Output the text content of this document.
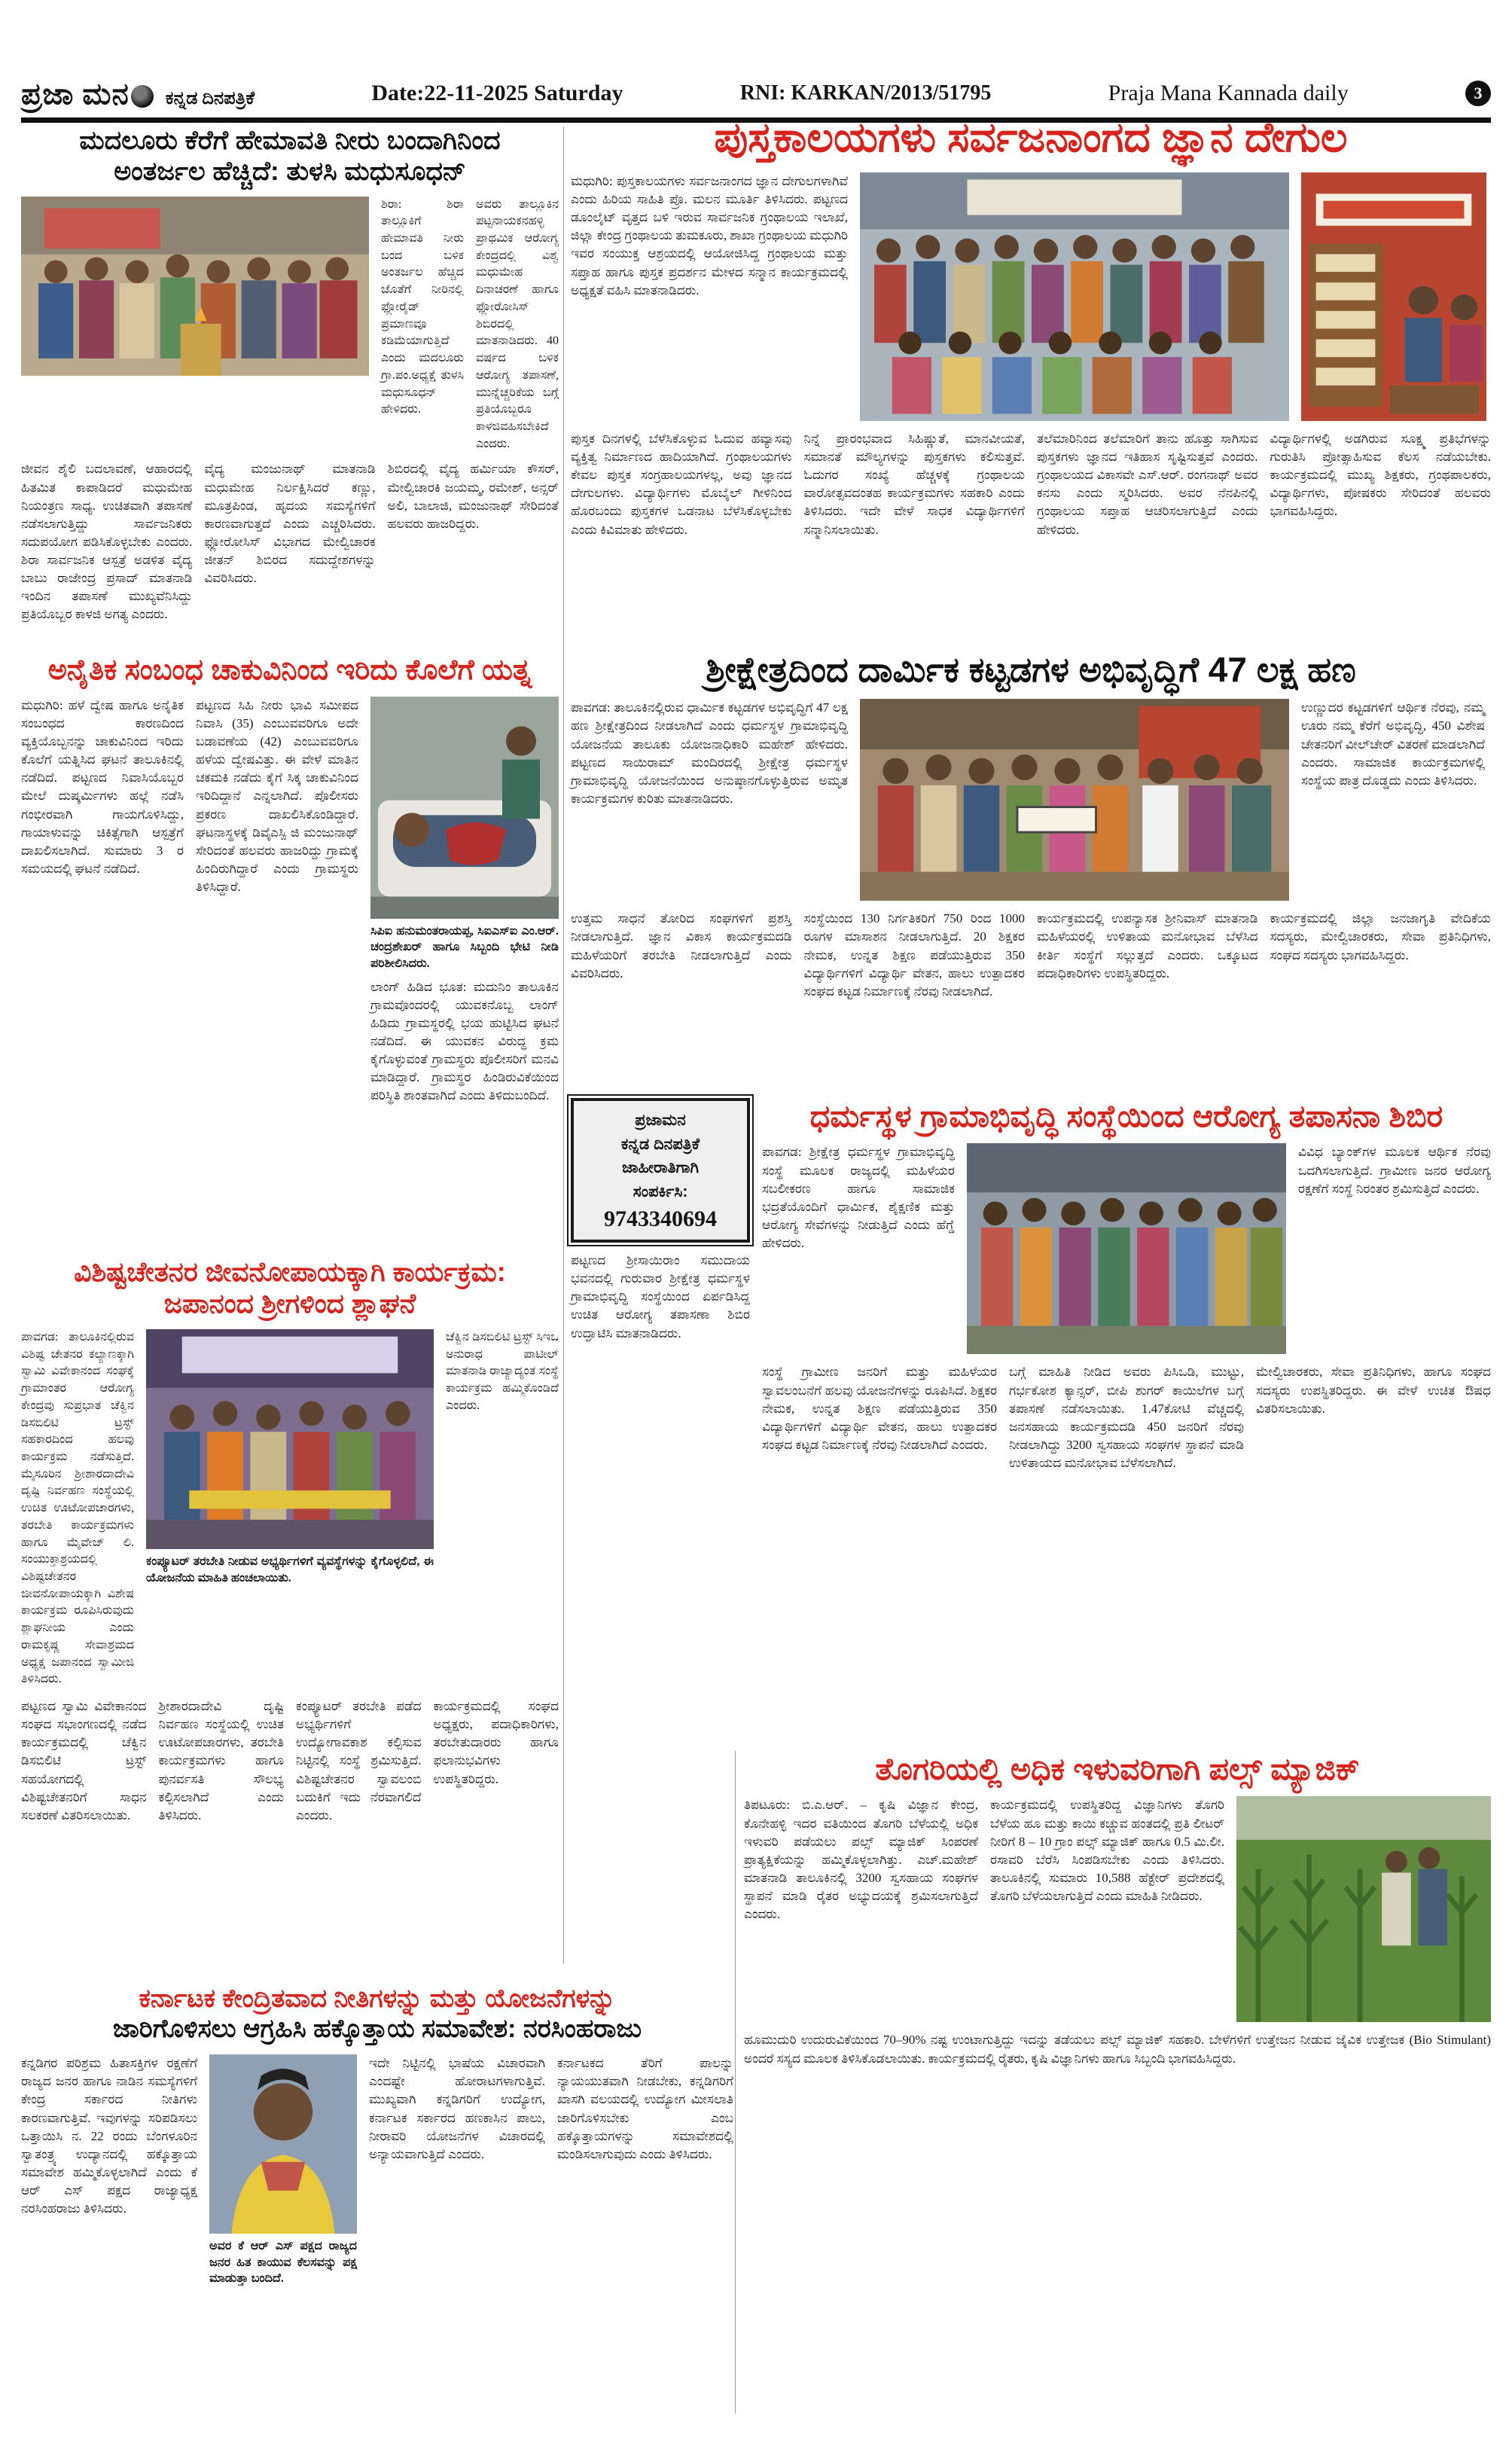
ಪ್ರಜಾ ಮನ	ಕನ್ನಡ ದಿನಪತ್ರಿಕೆ	Date:22-11-2025 Saturday	RNI: KARKAN/2013/51795	Praja Mana Kannada daily	3
ಮದಲೂರು ಕೆರೆಗೆ ಹೇಮಾವತಿ ನೀರು ಬಂದಾಗಿನಿಂದ
ಅಂತರ್ಜಲ ಹೆಚ್ಚಿದೆ: ತುಳಸಿ ಮಧುಸೂಧನ್
ಶಿರಾ: ಶಿರಾ ತಾಲ್ಲೂಕಿಗೆ ಹೇಮಾವತಿ ನೀರು ಬಂದ ಬಳಿಕ ಅಂತರ್ಜಲ ಹೆಚ್ಚಿದ ಜೊತೆಗೆ ನೀರಿನಲ್ಲಿ ಫ್ಲೋರೈಡ್ ಪ್ರಮಾಣವೂ ಕಡಿಮೆಯಾಗುತ್ತಿದೆ ಎಂದು ಮದಲೂರು ಗ್ರಾ.ಪಂ.ಅಧ್ಯಕ್ಷೆ ತುಳಸಿ ಮಧುಸೂಧನ್ ಹೇಳಿದರು.
ಅವರು ತಾಲ್ಲೂಕಿನ ಪಟ್ಟನಾಯಕನಹಳ್ಳಿ ಪ್ರಾಥಮಿಕ ಆರೋಗ್ಯ ಕೇಂದ್ರದಲ್ಲಿ ವಿಶ್ವ ಮಧುಮೇಹ ದಿನಾಚರಣೆ ಹಾಗೂ ಫ್ಲೋರೋಸಿಸ್ ಶಿಬಿರದಲ್ಲಿ ಮಾತನಾಡಿದರು. 40 ವರ್ಷದ ಬಳಿಕ ಆರೋಗ್ಯ ತಪಾಸಣೆ, ಮುನ್ನೆಚ್ಚರಿಕೆಯ ಬಗ್ಗೆ ಪ್ರತಿಯೊಬ್ಬರೂ ಕಾಳಜಿವಹಿಸಬೇಕಿದೆ ಎಂದರು.
ಜೀವನ ಶೈಲಿ ಬದಲಾವಣೆ, ಆಹಾರದಲ್ಲಿ ಹಿತಮಿತ ಕಾಪಾಡಿದರೆ ಮಧುಮೇಹ ನಿಯಂತ್ರಣ ಸಾಧ್ಯ. ಉಚಿತವಾಗಿ ತಪಾಸಣೆ ನಡೆಸಲಾಗುತ್ತಿದ್ದು ಸಾರ್ವಜನಿಕರು ಸದುಪಯೋಗ ಪಡಿಸಿಕೊಳ್ಳಬೇಕು ಎಂದರು. ಶಿರಾ ಸಾರ್ವಜನಿಕ ಆಸ್ಪತ್ರೆ ಅಡಳಿತ ವೈದ್ಯ ಬಾಬು ರಾಜೇಂದ್ರ ಪ್ರಸಾದ್ ಮಾತನಾಡಿ ಇಂದಿನ ತಪಾಸಣೆ ಮುಖ್ಯವೆನಿಸಿದ್ದು ಪ್ರತಿಯೊಬ್ಬರ ಕಾಳಜಿ ಅಗತ್ಯ ಎಂದರು.
ವೈದ್ಯ ಮಂಜುನಾಥ್ ಮಾತನಾಡಿ ಮಧುಮೇಹ ನಿರ್ಲಕ್ಷಿಸಿದರೆ ಕಣ್ಣು, ಮೂತ್ರಪಿಂಡ, ಹೃದಯ ಸಮಸ್ಯೆಗಳಿಗೆ ಕಾರಣವಾಗುತ್ತದೆ ಎಂದು ಎಚ್ಚರಿಸಿದರು. ಫ್ಲೋರೋಸಿಸ್ ವಿಭಾಗದ ಮೇಲ್ವಿಚಾರಕ ಜೀತನ್ ಶಿಬಿರದ ಸದುದ್ದೇಶಗಳನ್ನು ವಿವರಿಸಿದರು.
ಶಿಬಿರದಲ್ಲಿ ವೈದ್ಯ ಹರ್ಮಿಯಾ ಕೌಸರ್, ಮೇಲ್ವಿಚಾರಕಿ ಜಯಮ್ಮ, ರಮೇಶ್, ಅನ್ಸರ್ ಅಲಿ, ಬಾಲಾಜಿ, ಮಂಜುನಾಥ್ ಸೇರಿದಂತೆ ಹಲವರು ಹಾಜರಿದ್ದರು.
ಪುಸ್ತಕಾಲಯಗಳು ಸರ್ವಜನಾಂಗದ ಜ್ಞಾನ ದೇಗುಲ
ಮಧುಗಿರಿ: ಪುಸ್ತಕಾಲಯಗಳು ಸರ್ವಜನಾಂಗದ ಜ್ಞಾನ ದೇಗುಲಗಳಾಗಿವೆ ಎಂದು ಹಿರಿಯ ಸಾಹಿತಿ ಪ್ರೊ. ಮಲನ ಮೂರ್ತಿ ತಿಳಿಸಿದರು. ಪಟ್ಟಣದ ಡೂಂಲೈಟ್ ವೃತ್ತದ ಬಳಿ ಇರುವ ಸಾರ್ವಜನಿಕ ಗ್ರಂಥಾಲಯ ಇಲಾಖೆ, ಜಿಲ್ಲಾ ಕೇಂದ್ರ ಗ್ರಂಥಾಲಯ ತುಮಕೂರು, ಶಾಖಾ ಗ್ರಂಥಾಲಯ ಮಧುಗಿರಿ ಇವರ ಸಂಯುಕ್ತ ಆಶ್ರಯದಲ್ಲಿ ಆಯೋಜಿಸಿದ್ದ ಗ್ರಂಥಾಲಯ ಮತ್ತು ಸಪ್ತಾಹ ಹಾಗೂ ಪುಸ್ತಕ ಪ್ರದರ್ಶನ ಮೇಳದ ಸನ್ಮಾನ ಕಾರ್ಯಕ್ರಮದಲ್ಲಿ ಅಧ್ಯಕ್ಷತೆ ವಹಿಸಿ ಮಾತನಾಡಿದರು.
ಪುಸ್ತಕ ದಿನಗಳಲ್ಲಿ ಬೆಳೆಸಿಕೊಳ್ಳುವ ಓದುವ ಹವ್ಯಾಸವು ವ್ಯಕ್ತಿತ್ವ ನಿರ್ಮಾಣದ ಹಾದಿಯಾಗಿದೆ. ಗ್ರಂಥಾಲಯಗಳು ಕೇವಲ ಪುಸ್ತಕ ಸಂಗ್ರಹಾಲಯಗಳಲ್ಲ, ಅವು ಜ್ಞಾನದ ದೇಗುಲಗಳು. ವಿದ್ಯಾರ್ಥಿಗಳು ಮೊಬೈಲ್ ಗೀಳಿನಿಂದ ಹೊರಬಂದು ಪುಸ್ತಕಗಳ ಒಡನಾಟ ಬೆಳೆಸಿಕೊಳ್ಳಬೇಕು ಎಂದು ಕಿವಿಮಾತು ಹೇಳಿದರು.
ನಿನ್ನೆ ಪ್ರಾರಂಭವಾದ ಸಿಹಿಷ್ಣುತೆ, ಮಾನವೀಯತೆ, ಸಮಾನತೆ ಮೌಲ್ಯಗಳನ್ನು ಪುಸ್ತಕಗಳು ಕಲಿಸುತ್ತವೆ. ಓದುಗರ ಸಂಖ್ಯೆ ಹೆಚ್ಚಳಕ್ಕೆ ಗ್ರಂಥಾಲಯ ವಾರೋತ್ಸವದಂತಹ ಕಾರ್ಯಕ್ರಮಗಳು ಸಹಕಾರಿ ಎಂದು ತಿಳಿಸಿದರು. ಇದೇ ವೇಳೆ ಸಾಧಕ ವಿದ್ಯಾರ್ಥಿಗಳಿಗೆ ಸನ್ಮಾನಿಸಲಾಯಿತು.
ತಲೆಮಾರಿನಿಂದ ತಲೆಮಾರಿಗೆ ತಾನು ಹೊತ್ತು ಸಾಗಿಸುವ ಪುಸ್ತಕಗಳು ಜ್ಞಾನದ ಇತಿಹಾಸ ಸೃಷ್ಟಿಸುತ್ತವೆ ಎಂದರು. ಗ್ರಂಥಾಲಯದ ವಿಕಾಸವೇ ಎಸ್.ಆರ್. ರಂಗನಾಥ್ ಅವರ ಕನಸು ಎಂದು ಸ್ಮರಿಸಿದರು. ಅವರ ನೆನಪಿನಲ್ಲಿ ಗ್ರಂಥಾಲಯ ಸಪ್ತಾಹ ಆಚರಿಸಲಾಗುತ್ತಿದೆ ಎಂದು ಹೇಳಿದರು.
ವಿದ್ಯಾರ್ಥಿಗಳಲ್ಲಿ ಅಡಗಿರುವ ಸೂಕ್ಷ್ಮ ಪ್ರತಿಭೆಗಳನ್ನು ಗುರುತಿಸಿ ಪ್ರೋತ್ಸಾಹಿಸುವ ಕೆಲಸ ನಡೆಯಬೇಕು. ಕಾರ್ಯಕ್ರಮದಲ್ಲಿ ಮುಖ್ಯ ಶಿಕ್ಷಕರು, ಗ್ರಂಥಪಾಲಕರು, ವಿದ್ಯಾರ್ಥಿಗಳು, ಪೋಷಕರು ಸೇರಿದಂತೆ ಹಲವರು ಭಾಗವಹಿಸಿದ್ದರು.
ಅನೈತಿಕ ಸಂಬಂಧ ಚಾಕುವಿನಿಂದ ಇರಿದು ಕೊಲೆಗೆ ಯತ್ನ
ಮಧುಗಿರಿ: ಹಳೆ ದ್ವೇಷ ಹಾಗೂ ಅನೈತಿಕ ಸಂಬಂಧದ ಕಾರಣದಿಂದ ವ್ಯಕ್ತಿಯೊಬ್ಬನನ್ನು ಚಾಕುವಿನಿಂದ ಇರಿದು ಕೊಲೆಗೆ ಯತ್ನಿಸಿದ ಘಟನೆ ತಾಲೂಕಿನಲ್ಲಿ ನಡೆದಿದೆ. ಪಟ್ಟಣದ ನಿವಾಸಿಯೊಬ್ಬರ ಮೇಲೆ ದುಷ್ಕರ್ಮಿಗಳು ಹಲ್ಲೆ ನಡೆಸಿ ಗಂಭೀರವಾಗಿ ಗಾಯಗೊಳಿಸಿದ್ದು, ಗಾಯಾಳುವನ್ನು ಚಿಕಿತ್ಸೆಗಾಗಿ ಆಸ್ಪತ್ರೆಗೆ ದಾಖಲಿಸಲಾಗಿದೆ. ಸುಮಾರು 3 ರ ಸಮಯದಲ್ಲಿ ಘಟನೆ ನಡೆದಿದೆ.
ಪಟ್ಟಣದ ಸಿಹಿ ನೀರು ಭಾವಿ ಸಮೀಪದ ನಿವಾಸಿ (35) ಎಂಬುವವರಿಗೂ ಅದೇ ಬಡಾವಣೆಯ (42) ಎಂಬುವವರಿಗೂ ಹಳೆಯ ದ್ವೇಷವಿತ್ತು. ಈ ವೇಳೆ ಮಾತಿನ ಚಕಮಕಿ ನಡೆದು ಕೈಗೆ ಸಿಕ್ಕ ಚಾಕುವಿನಿಂದ ಇರಿದಿದ್ದಾನೆ ಎನ್ನಲಾಗಿದೆ. ಪೊಲೀಸರು ಪ್ರಕರಣ ದಾಖಲಿಸಿಕೊಂಡಿದ್ದಾರೆ. ಘಟನಾಸ್ಥಳಕ್ಕೆ ಡಿವೈಎಸ್ಪಿ ಜಿ ಮಂಜುನಾಥ್ ಸೇರಿದಂತೆ ಹಲವರು ಹಾಜರಿದ್ದು ಗ್ರಾಮಕ್ಕೆ ಹಿಂದಿರುಗಿದ್ದಾರೆ ಎಂದು ಗ್ರಾಮಸ್ಥರು ತಿಳಿಸಿದ್ದಾರೆ.
ಸಿಪಿಐ ಹನುಮಂತರಾಯಪ್ಪ, ಸಿಐಎಸ್ಐ ಎಂ.ಆರ್. ಚಂದ್ರಶೇಖರ್ ಹಾಗೂ ಸಿಬ್ಬಂದಿ ಭೇಟಿ ನೀಡಿ ಪರಿಶೀಲಿಸಿದರು.
ಲಾಂಗ್ ಹಿಡಿದ ಭೂತ: ಮದುನಿಂ ತಾಲೂಕಿನ ಗ್ರಾಮವೊಂದರಲ್ಲಿ ಯುವಕನೊಬ್ಬ ಲಾಂಗ್ ಹಿಡಿದು ಗ್ರಾಮಸ್ಥರಲ್ಲಿ ಭಯ ಹುಟ್ಟಿಸಿದ ಘಟನೆ ನಡೆದಿದೆ. ಈ ಯುವಕನ ವಿರುದ್ಧ ಕ್ರಮ ಕೈಗೊಳ್ಳುವಂತೆ ಗ್ರಾಮಸ್ಥರು ಪೊಲೀಸರಿಗೆ ಮನವಿ ಮಾಡಿದ್ದಾರೆ. ಗ್ರಾಮಸ್ಥರ ಹಿಂಡಿರುವಿಕೆಯಿಂದ ಪರಿಸ್ಥಿತಿ ಶಾಂತವಾಗಿದೆ ಎಂದು ತಿಳಿದುಬಂದಿದೆ.
ಶ್ರೀಕ್ಷೇತ್ರದಿಂದ ದಾರ್ಮಿಕ ಕಟ್ಟಡಗಳ ಅಭಿವೃದ್ಧಿಗೆ 47 ಲಕ್ಷ ಹಣ
ಪಾವಗಡ: ತಾಲೂಕಿನಲ್ಲಿರುವ ಧಾರ್ಮಿಕ ಕಟ್ಟಡಗಳ ಅಭಿವೃದ್ಧಿಗೆ 47 ಲಕ್ಷ ಹಣ ಶ್ರೀಕ್ಷೇತ್ರದಿಂದ ನೀಡಲಾಗಿದೆ ಎಂದು ಧರ್ಮಸ್ಥಳ ಗ್ರಾಮಾಭಿವೃದ್ಧಿ ಯೋಜನೆಯ ತಾಲೂಕು ಯೋಜನಾಧಿಕಾರಿ ಮಹೇಶ್ ಹೇಳಿದರು. ಪಟ್ಟಣದ ಸಾಯಿರಾಮ್ ಮಂದಿರದಲ್ಲಿ ಶ್ರೀಕ್ಷೇತ್ರ ಧರ್ಮಸ್ಥಳ ಗ್ರಾಮಾಭಿವೃದ್ಧಿ ಯೋಜನೆಯಿಂದ ಅನುಷ್ಠಾನಗೊಳ್ಳುತ್ತಿರುವ ಅಮೃತ ಕಾರ್ಯಕ್ರಮಗಳ ಕುರಿತು ಮಾತನಾಡಿದರು.
ಉಣ್ಣುದರ ಕಟ್ಟಡಗಳಿಗೆ ಆರ್ಥಿಕ ನೆರವು, ನಮ್ಮ ಊರು ನಮ್ಮ ಕೆರೆಗೆ ಅಭಿವೃದ್ಧಿ, 450 ವಿಶೇಷ ಚೇತನರಿಗೆ ವೀಲ್‌ಚೇರ್ ವಿತರಣೆ ಮಾಡಲಾಗಿದೆ ಎಂದರು. ಸಾಮಾಜಿಕ ಕಾರ್ಯಕ್ರಮಗಳಲ್ಲಿ ಸಂಸ್ಥೆಯ ಪಾತ್ರ ದೊಡ್ಡದು ಎಂದು ತಿಳಿಸಿದರು.
ಉತ್ತಮ ಸಾಧನೆ ತೋರಿದ ಸಂಘಗಳಿಗೆ ಪ್ರಶಸ್ತಿ ನೀಡಲಾಗುತ್ತಿದೆ. ಜ್ಞಾನ ವಿಕಾಸ ಕಾರ್ಯಕ್ರಮದಡಿ ಮಹಿಳೆಯರಿಗೆ ತರಬೇತಿ ನೀಡಲಾಗುತ್ತಿದೆ ಎಂದು ವಿವರಿಸಿದರು.
ಸಂಸ್ಥೆಯಿಂದ 130 ನಿರ್ಗತಿಕರಿಗೆ 750 ರಿಂದ 1000 ರೂಗಳ ಮಾಸಾಶನ ನೀಡಲಾಗುತ್ತಿದೆ. 20 ಶಿಕ್ಷಕರ ನೇಮಕ, ಉನ್ನತ ಶಿಕ್ಷಣ ಪಡೆಯುತ್ತಿರುವ 350 ವಿದ್ಯಾರ್ಥಿಗಳಿಗೆ ವಿದ್ಯಾರ್ಥಿ ವೇತನ, ಹಾಲು ಉತ್ಪಾದಕರ ಸಂಘದ ಕಟ್ಟಡ ನಿರ್ಮಾಣಕ್ಕೆ ನೆರವು ನೀಡಲಾಗಿದೆ.
ಕಾರ್ಯಕ್ರಮದಲ್ಲಿ ಉಪನ್ಯಾಸಕ ಶ್ರೀನಿವಾಸ್ ಮಾತನಾಡಿ ಮಹಿಳೆಯರಲ್ಲಿ ಉಳಿತಾಯ ಮನೋಭಾವ ಬೆಳೆಸಿದ ಕೀರ್ತಿ ಸಂಸ್ಥೆಗೆ ಸಲ್ಲುತ್ತದೆ ಎಂದರು. ಒಕ್ಕೂಟದ ಪದಾಧಿಕಾರಿಗಳು ಉಪಸ್ಥಿತರಿದ್ದರು.
ಕಾರ್ಯಕ್ರಮದಲ್ಲಿ ಜಿಲ್ಲಾ ಜನಜಾಗೃತಿ ವೇದಿಕೆಯ ಸದಸ್ಯರು, ಮೇಲ್ವಿಚಾರಕರು, ಸೇವಾ ಪ್ರತಿನಿಧಿಗಳು, ಸಂಘದ ಸದಸ್ಯರು ಭಾಗವಹಿಸಿದ್ದರು.
ಪ್ರಜಾಮನ
ಕನ್ನಡ ದಿನಪತ್ರಿಕೆ
ಜಾಹೀರಾತಿಗಾಗಿ
ಸಂಪರ್ಕಿಸಿ:
9743340694
ಪಟ್ಟಣದ ಶ್ರೀಸಾಯಿರಾಂ ಸಮುದಾಯ ಭವನದಲ್ಲಿ ಗುರುವಾರ ಶ್ರೀಕ್ಷೇತ್ರ ಧರ್ಮಸ್ಥಳ ಗ್ರಾಮಾಭಿವೃದ್ಧಿ ಸಂಸ್ಥೆಯಿಂದ ಏರ್ಪಡಿಸಿದ್ದ ಉಚಿತ ಆರೋಗ್ಯ ತಪಾಸಣಾ ಶಿಬಿರ ಉದ್ಘಾಟಿಸಿ ಮಾತನಾಡಿದರು.
ಧರ್ಮಸ್ಥಳ ಗ್ರಾಮಾಭಿವೃದ್ಧಿ ಸಂಸ್ಥೆಯಿಂದ ಆರೋಗ್ಯ ತಪಾಸನಾ ಶಿಬಿರ
ಪಾವಗಡ: ಶ್ರೀಕ್ಷೇತ್ರ ಧರ್ಮಸ್ಥಳ ಗ್ರಾಮಾಭಿವೃದ್ಧಿ ಸಂಸ್ಥೆ ಮೂಲಕ ರಾಜ್ಯದಲ್ಲಿ ಮಹಿಳೆಯರ ಸಬಲೀಕರಣ ಹಾಗೂ ಸಾಮಾಜಿಕ ಭದ್ರತೆಯೊಂದಿಗೆ ಧಾರ್ಮಿಕ, ಶೈಕ್ಷಣಿಕ ಮತ್ತು ಆರೋಗ್ಯ ಸೇವೆಗಳನ್ನು ನೀಡುತ್ತಿದೆ ಎಂದು ಹೆಗ್ಡೆ ಹೇಳಿದರು.
ವಿವಿಧ ಬ್ಯಾಂಕ್‌ಗಳ ಮೂಲಕ ಆರ್ಥಿಕ ನೆರವು ಒದಗಿಸಲಾಗುತ್ತಿದೆ. ಗ್ರಾಮೀಣ ಜನರ ಆರೋಗ್ಯ ರಕ್ಷಣೆಗೆ ಸಂಸ್ಥೆ ನಿರಂತರ ಶ್ರಮಿಸುತ್ತಿದೆ ಎಂದರು.
ಸಂಸ್ಥೆ ಗ್ರಾಮೀಣ ಜನರಿಗೆ ಮತ್ತು ಮಹಿಳೆಯರ ಸ್ವಾವಲಂಬನೆಗೆ ಹಲವು ಯೋಜನೆಗಳನ್ನು ರೂಪಿಸಿದೆ. ಶಿಕ್ಷಕರ ನೇಮಕ, ಉನ್ನತ ಶಿಕ್ಷಣ ಪಡೆಯುತ್ತಿರುವ 350 ವಿದ್ಯಾರ್ಥಿಗಳಿಗೆ ವಿದ್ಯಾರ್ಥಿ ವೇತನ, ಹಾಲು ಉತ್ಪಾದಕರ ಸಂಘದ ಕಟ್ಟಡ ನಿರ್ಮಾಣಕ್ಕೆ ನೆರವು ನೀಡಲಾಗಿದೆ ಎಂದರು.
ಬಗ್ಗೆ ಮಾಹಿತಿ ನೀಡಿದ ಅವರು ಪಿಸಿಒಡಿ, ಮುಟ್ಟು, ಗರ್ಭಕೋಶ ಕ್ಯಾನ್ಸರ್, ಬೀಪಿ ಶುಗರ್ ಕಾಯಿಲೆಗಳ ಬಗ್ಗೆ ತಪಾಸಣೆ ನಡೆಸಲಾಯಿತು. 1.47ಕೋಟಿ ವೆಚ್ಚದಲ್ಲಿ ಜನಸಹಾಯ ಕಾರ್ಯಕ್ರಮದಡಿ 450 ಜನರಿಗೆ ನೆರವು ನೀಡಲಾಗಿದ್ದು 3200 ಸ್ವಸಹಾಯ ಸಂಘಗಳ ಸ್ಥಾಪನೆ ಮಾಡಿ ಉಳಿತಾಯದ ಮನೋಭಾವ ಬೆಳೆಸಲಾಗಿದೆ.
ಮೇಲ್ವಿಚಾರಕರು, ಸೇವಾ ಪ್ರತಿನಿಧಿಗಳು, ಹಾಗೂ ಸಂಘದ ಸದಸ್ಯರು ಉಪಸ್ಥಿತರಿದ್ದರು. ಈ ವೇಳೆ ಉಚಿತ ಔಷಧ ವಿತರಿಸಲಾಯಿತು.
ವಿಶಿಷ್ಟಚೇತನರ ಜೀವನೋಪಾಯಕ್ಕಾಗಿ ಕಾರ್ಯಕ್ರಮ:
ಜಪಾನಂದ ಶ್ರೀಗಳಿಂದ ಶ್ಲಾಘನೆ
ಪಾವಗಡ: ತಾಲೂಕಿನಲ್ಲಿರುವ ವಿಶಿಷ್ಟ ಚೇತನರ ಕಲ್ಯಾಣಕ್ಕಾಗಿ ಸ್ವಾಮಿ ವಿವೇಕಾನಂದ ಸಂಘಕ್ಕೆ ಗ್ರಾಮಾಂತರ ಆರೋಗ್ಯ ಕೇಂದ್ರವು ಸುಪ್ರಭಾತ ಚೆಕ್ವಿನ ಡಿಸಬಿಲಿಟಿ ಟ್ರಸ್ಟ್ ಸಹಕಾರದಿಂದ ಹಲವು ಕಾರ್ಯಕ್ರಮ ನಡೆಸುತ್ತಿದೆ. ಮೈಸೂರಿನ ಶ್ರೀಶಾರದಾದೇವಿ ದೃಷ್ಟಿ ನಿರ್ವಹಣ ಸಂಸ್ಥೆಯಲ್ಲಿ ಉಚಿತ ಊಟೋಪಚಾರಗಳು, ತರಬೇತಿ ಕಾರ್ಯಕ್ರಮಗಳು ಹಾಗೂ ಮೈವೇಜ್ ಲಿ. ಸಂಯುಕ್ತಾಶ್ರಯದಲ್ಲಿ ವಿಶಿಷ್ಟಚೇತನರ ಜೀವನೋಪಾಯಕ್ಕಾಗಿ ವಿಶೇಷ ಕಾರ್ಯಕ್ರಮ ರೂಪಿಸಿರುವುದು ಶ್ಲಾಘನೀಯ ಎಂದು ರಾಮಕೃಷ್ಣ ಸೇವಾಶ್ರಮದ ಅಧ್ಯಕ್ಷ ಜಪಾನಂದ ಸ್ವಾಮೀಜಿ ತಿಳಿಸಿದರು.
ಕಂಪ್ಯೂಟರ್ ತರಬೇತಿ ನೀಡುವ ಅಭ್ಯರ್ಥಿಗಳಿಗೆ ವ್ಯವಸ್ಥೆಗಳನ್ನು ಕೈಗೊಳ್ಳಲಿದೆ, ಈ ಯೋಜನೆಯ ಮಾಹಿತಿ ಹಂಚಲಾಯಿತು.
ಚೆಕ್ವಿನ ಡಿಸಬಿಲಿಟಿ ಟ್ರಸ್ಟ್ ಸಿಇಒ ಅನುರಾಧ ಪಾಟೀಲ್ ಮಾತನಾಡಿ ರಾಜ್ಯಾದ್ಯಂತ ಸಂಸ್ಥೆ ಕಾರ್ಯಕ್ರಮ ಹಮ್ಮಿಕೊಂಡಿದೆ ಎಂದರು.
ಪಟ್ಟಣದ ಸ್ವಾಮಿ ವಿವೇಕಾನಂದ ಸಂಘದ ಸಭಾಂಗಣದಲ್ಲಿ ನಡೆದ ಕಾರ್ಯಕ್ರಮದಲ್ಲಿ ಚೆಕ್ವಿನ ಡಿಸಬಿಲಿಟಿ ಟ್ರಸ್ಟ್ ಸಹಯೋಗದಲ್ಲಿ ವಿಶಿಷ್ಟಚೇತನರಿಗೆ ಸಾಧನ ಸಲಕರಣೆ ವಿತರಿಸಲಾಯಿತು.
ಶ್ರೀಶಾರದಾದೇವಿ ದೃಷ್ಟಿ ನಿರ್ವಹಣ ಸಂಸ್ಥೆಯಲ್ಲಿ ಉಚಿತ ಊಟೋಪಚಾರಗಳು, ತರಬೇತಿ ಕಾರ್ಯಕ್ರಮಗಳು ಹಾಗೂ ಪುನರ್ವಸತಿ ಸೌಲಭ್ಯ ಕಲ್ಪಿಸಲಾಗಿದೆ ಎಂದು ತಿಳಿಸಿದರು.
ಕಂಪ್ಯೂಟರ್ ತರಬೇತಿ ಪಡೆದ ಅಭ್ಯರ್ಥಿಗಳಿಗೆ ಉದ್ಯೋಗಾವಕಾಶ ಕಲ್ಪಿಸುವ ನಿಟ್ಟಿನಲ್ಲಿ ಸಂಸ್ಥೆ ಶ್ರಮಿಸುತ್ತಿದೆ. ವಿಶಿಷ್ಟಚೇತನರ ಸ್ವಾವಲಂಬಿ ಬದುಕಿಗೆ ಇದು ನೆರವಾಗಲಿದೆ ಎಂದರು.
ಕಾರ್ಯಕ್ರಮದಲ್ಲಿ ಸಂಘದ ಅಧ್ಯಕ್ಷರು, ಪದಾಧಿಕಾರಿಗಳು, ತರಬೇತುದಾರರು ಹಾಗೂ ಫಲಾನುಭವಿಗಳು ಉಪಸ್ಥಿತರಿದ್ದರು.	ತೊಗರಿಯಲ್ಲಿ ಅಧಿಕ ಇಳುವರಿಗಾಗಿ ಪಲ್ಸ್ ಮ್ಯಾಜಿಕ್
ತಿಪಟೂರು: ಬಿ.ಎ.ಆರ್. – ಕೃಷಿ ವಿಜ್ಞಾನ ಕೇಂದ್ರ, ಕೊನೇಹಳ್ಳಿ ಇದರ ವತಿಯಿಂದ ತೊಗರಿ ಬೆಳೆಯಲ್ಲಿ ಅಧಿಕ ಇಳುವರಿ ಪಡೆಯಲು ಪಲ್ಸ್ ಮ್ಯಾಜಿಕ್ ಸಿಂಪರಣೆ ಪ್ರಾತ್ಯಕ್ಷಿಕೆಯನ್ನು ಹಮ್ಮಿಕೊಳ್ಳಲಾಗಿತ್ತು. ಎಚ್.ಮಹೇಶ್ ಮಾತನಾಡಿ ತಾಲೂಕಿನಲ್ಲಿ 3200 ಸ್ವಸಹಾಯ ಸಂಘಗಳ ಸ್ಥಾಪನೆ ಮಾಡಿ ರೈತರ ಅಭ್ಯುದಯಕ್ಕೆ ಶ್ರಮಿಸಲಾಗುತ್ತಿದೆ ಎಂದರು.
ಕಾರ್ಯಕ್ರಮದಲ್ಲಿ ಉಪಸ್ಥಿತರಿದ್ದ ವಿಜ್ಞಾನಿಗಳು ತೊಗರಿ ಬೆಳೆಯ ಹೂ ಮತ್ತು ಕಾಯಿ ಕಚ್ಚುವ ಹಂತದಲ್ಲಿ ಪ್ರತಿ ಲೀಟರ್ ನೀರಿಗೆ 8 – 10 ಗ್ರಾಂ ಪಲ್ಸ್ ಮ್ಯಾಜಿಕ್ ಹಾಗೂ 0.5 ಮಿ.ಲೀ. ರಸಾವರಿ ಬೆರೆಸಿ ಸಿಂಪಡಿಸಬೇಕು ಎಂದು ತಿಳಿಸಿದರು. ತಾಲೂಕಿನಲ್ಲಿ ಸುಮಾರು 10,588 ಹೆಕ್ಟೇರ್ ಪ್ರದೇಶದಲ್ಲಿ ತೊಗರಿ ಬೆಳೆಯಲಾಗುತ್ತಿದೆ ಎಂದು ಮಾಹಿತಿ ನೀಡಿದರು.
ಹೂಮುದುರಿ ಉದುರುವಿಕೆಯಿಂದ 70–90% ನಷ್ಟ ಉಂಟಾಗುತ್ತಿದ್ದು ಇದನ್ನು ತಡೆಯಲು ಪಲ್ಸ್ ಮ್ಯಾಜಿಕ್ ಸಹಕಾರಿ. ಬೇಳೆಗಳಿಗೆ ಉತ್ತೇಜನ ನೀಡುವ ಜೈವಿಕ ಉತ್ತೇಜಕ (Bio Stimulant) ಅಂದರೆ ಸಸ್ಯದ ಮೂಲಕ ತಿಳಿಸಿಕೊಡಲಾಯಿತು. ಕಾರ್ಯಕ್ರಮದಲ್ಲಿ ರೈತರು, ಕೃಷಿ ವಿಜ್ಞಾನಿಗಳು ಹಾಗೂ ಸಿಬ್ಬಂದಿ ಭಾಗವಹಿಸಿದ್ದರು.
ಕರ್ನಾಟಕ ಕೇಂದ್ರಿತವಾದ ನೀತಿಗಳನ್ನು ಮತ್ತು ಯೋಜನೆಗಳನ್ನು
ಜಾರಿಗೊಳಿಸಲು ಆಗ್ರಹಿಸಿ ಹಕ್ಕೊತ್ತಾಯ ಸಮಾವೇಶ: ನರಸಿಂಹರಾಜು
ಕನ್ನಡಿಗರ ಪರಿಶ್ರಮ ಹಿತಾಸಕ್ತಿಗಳ ರಕ್ಷಣೆಗೆ ರಾಜ್ಯದ ಜನರ ಹಾಗೂ ನಾಡಿನ ಸಮಸ್ಯೆಗಳಿಗೆ ಕೇಂದ್ರ ಸರ್ಕಾರದ ನೀತಿಗಳು ಕಾರಣವಾಗುತ್ತಿವೆ. ಇವುಗಳನ್ನು ಸರಿಪಡಿಸಲು ಒತ್ತಾಯಿಸಿ ನ. 22 ರಂದು ಬೆಂಗಳೂರಿನ ಸ್ವಾತಂತ್ರ್ಯ ಉದ್ಯಾನದಲ್ಲಿ ಹಕ್ಕೊತ್ತಾಯ ಸಮಾವೇಶ ಹಮ್ಮಿಕೊಳ್ಳಲಾಗಿದೆ ಎಂದು ಕೆ ಆರ್ ಎಸ್ ಪಕ್ಷದ ರಾಜ್ಯಾಧ್ಯಕ್ಷ ನರಸಿಂಹರಾಜು ತಿಳಿಸಿದರು.
ಅವರ ಕೆ ಆರ್ ಎಸ್ ಪಕ್ಷದ ರಾಜ್ಯದ ಜನರ ಹಿತ ಕಾಯುವ ಕೆಲಸವನ್ನು ಪಕ್ಷ ಮಾಡುತ್ತಾ ಬಂದಿದೆ.
ಇದೇ ನಿಟ್ಟಿನಲ್ಲಿ ಭಾಷೆಯ ವಿಚಾರವಾಗಿ ಎಂದಷ್ಟೇ ಹೋರಾಟಗಳಾಗುತ್ತಿವೆ. ಮುಖ್ಯವಾಗಿ ಕನ್ನಡಿಗರಿಗೆ ಉದ್ಯೋಗ, ಕರ್ನಾಟಕ ಸರ್ಕಾರದ ಹಣಕಾಸಿನ ಪಾಲು, ನೀರಾವರಿ ಯೋಜನೆಗಳ ವಿಚಾರದಲ್ಲಿ ಅನ್ಯಾಯವಾಗುತ್ತಿದೆ ಎಂದರು.
ಕರ್ನಾಟಕದ ತೆರಿಗೆ ಪಾಲನ್ನು ನ್ಯಾಯಯುತವಾಗಿ ನೀಡಬೇಕು, ಕನ್ನಡಿಗರಿಗೆ ಖಾಸಗಿ ವಲಯದಲ್ಲಿ ಉದ್ಯೋಗ ಮೀಸಲಾತಿ ಜಾರಿಗೊಳಿಸಬೇಕು ಎಂಬ ಹಕ್ಕೊತ್ತಾಯಗಳನ್ನು ಸಮಾವೇಶದಲ್ಲಿ ಮಂಡಿಸಲಾಗುವುದು ಎಂದು ತಿಳಿಸಿದರು.
